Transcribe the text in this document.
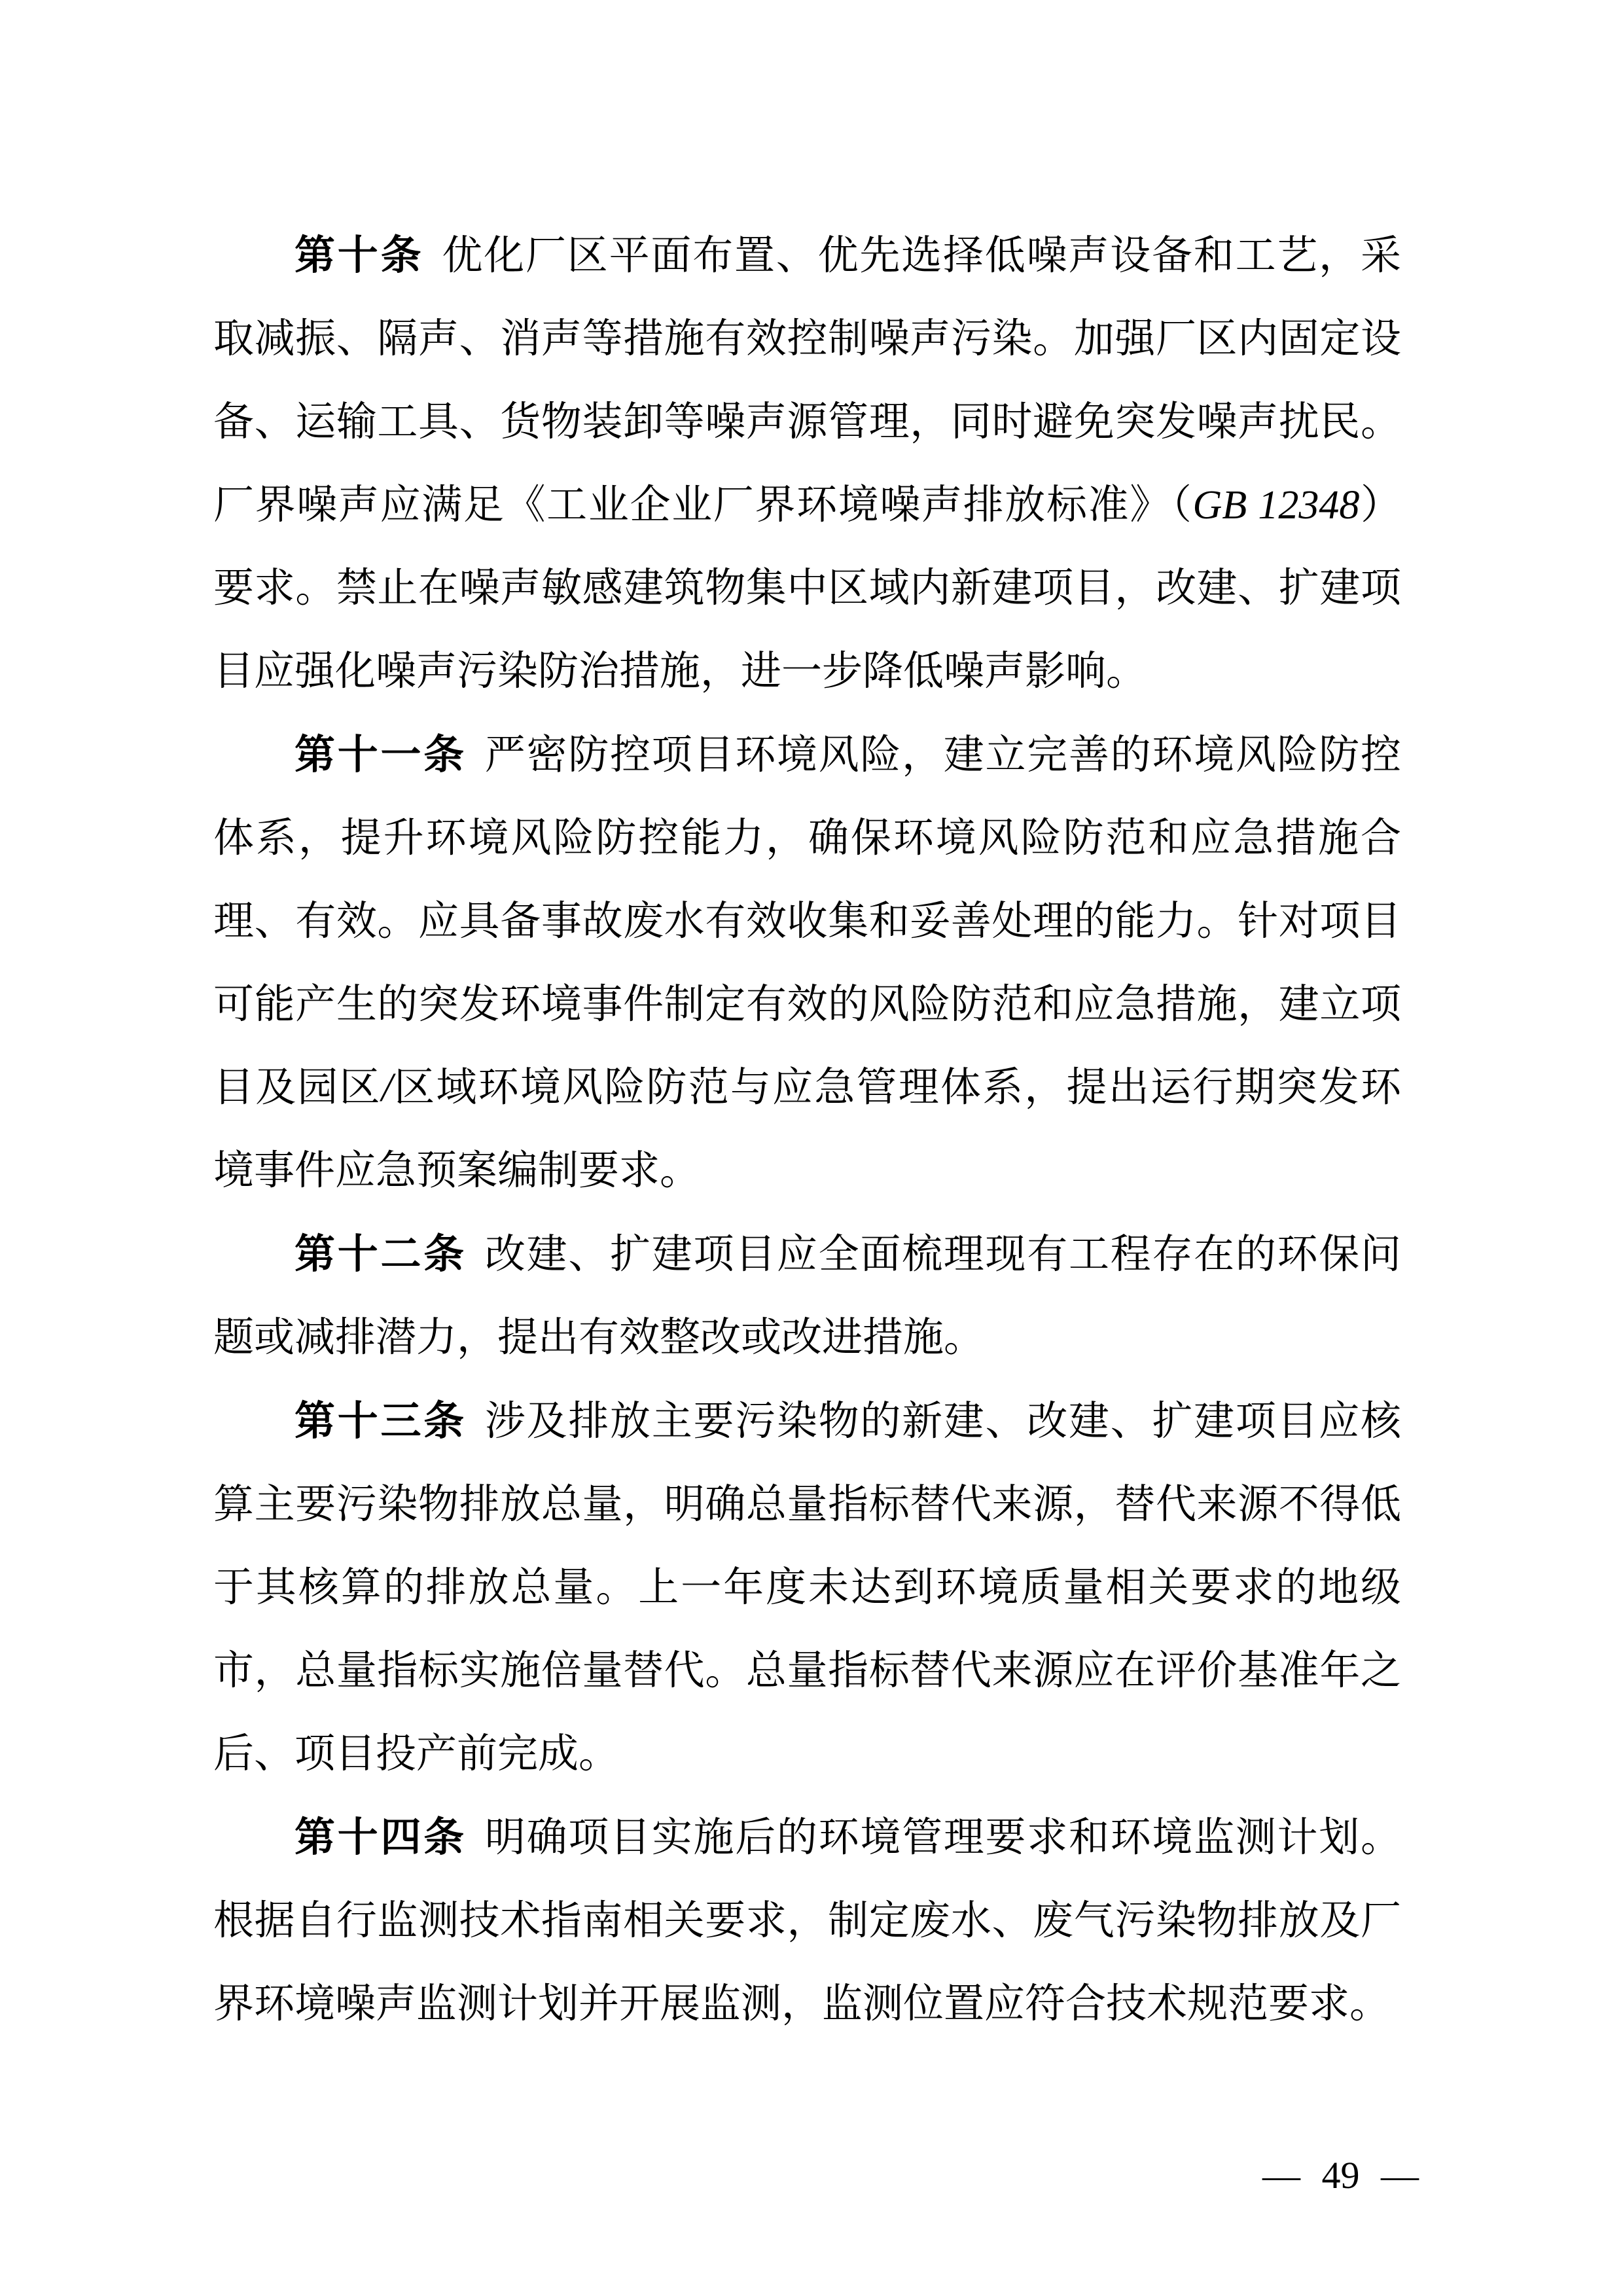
第十条 优化厂区平面布置、优先选择低噪声设备和工艺，采取减振、隔声、消声等措施有效控制噪声污染。加强厂区内固定设备、运输工具、货物装卸等噪声源管理，同时避免突发噪声扰民。厂界噪声应满足《工业企业厂界环境噪声排放标准》（GB 12348）要求。禁止在噪声敏感建筑物集中区域内新建项目，改建、扩建项目应强化噪声污染防治措施，进一步降低噪声影响。

第十一条 严密防控项目环境风险，建立完善的环境风险防控体系，提升环境风险防控能力，确保环境风险防范和应急措施合理、有效。应具备事故废水有效收集和妥善处理的能力。针对项目可能产生的突发环境事件制定有效的风险防范和应急措施，建立项目及园区/区域环境风险防范与应急管理体系，提出运行期突发环境事件应急预案编制要求。

第十二条 改建、扩建项目应全面梳理现有工程存在的环保问题或减排潜力，提出有效整改或改进措施。

第十三条 涉及排放主要污染物的新建、改建、扩建项目应核算主要污染物排放总量，明确总量指标替代来源，替代来源不得低于其核算的排放总量。上一年度未达到环境质量相关要求的地级市，总量指标实施倍量替代。总量指标替代来源应在评价基准年之后、项目投产前完成。

第十四条 明确项目实施后的环境管理要求和环境监测计划。根据自行监测技术指南相关要求，制定废水、废气污染物排放及厂界环境噪声监测计划并开展监测，监测位置应符合技术规范要求。

— 49 —
